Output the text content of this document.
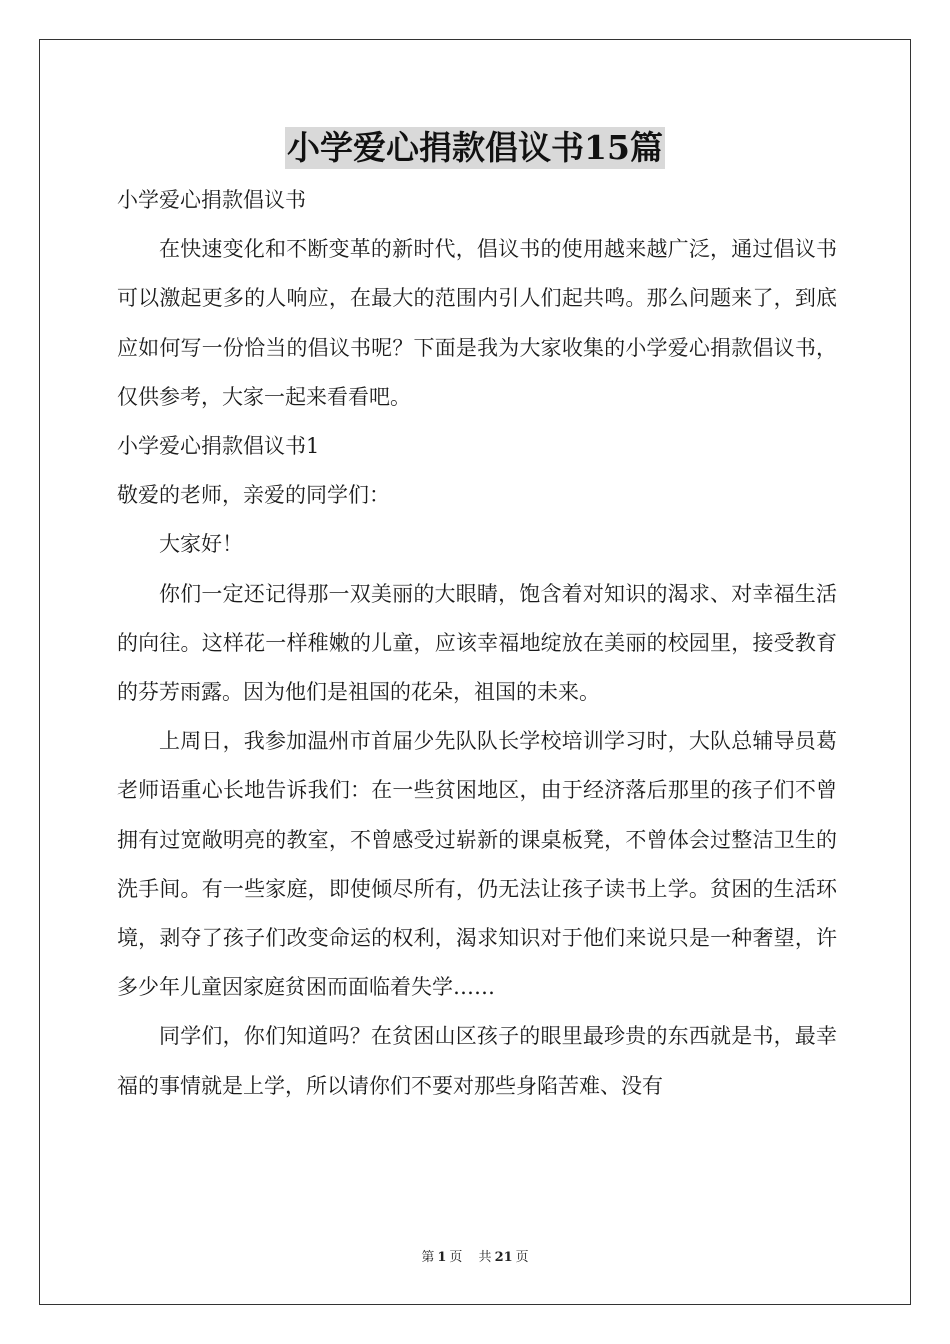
小学爱心捐款倡议书15篇

小学爱心捐款倡议书

在快速变化和不断变革的新时代，倡议书的使用越来越广泛，通过倡议书可以激起更多的人响应，在最大的范围内引人们起共鸣。那么问题来了，到底应如何写一份恰当的倡议书呢？下面是我为大家收集的小学爱心捐款倡议书，仅供参考，大家一起来看看吧。

小学爱心捐款倡议书1

敬爱的老师，亲爱的同学们：

大家好！

你们一定还记得那一双美丽的大眼睛，饱含着对知识的渴求、对幸福生活的向往。这样花一样稚嫩的儿童，应该幸福地绽放在美丽的校园里，接受教育的芬芳雨露。因为他们是祖国的花朵，祖国的未来。

上周日，我参加温州市首届少先队队长学校培训学习时，大队总辅导员葛老师语重心长地告诉我们：在一些贫困地区，由于经济落后那里的孩子们不曾拥有过宽敞明亮的教室，不曾感受过崭新的课桌板凳，不曾体会过整洁卫生的洗手间。有一些家庭，即使倾尽所有，仍无法让孩子读书上学。贫困的生活环境，剥夺了孩子们改变命运的权利，渴求知识对于他们来说只是一种奢望，许多少年儿童因家庭贫困而面临着失学……

同学们，你们知道吗？在贫困山区孩子的眼里最珍贵的东西就是书，最幸福的事情就是上学，所以请你们不要对那些身陷苦难、没有

第 1 页 共 21 页
